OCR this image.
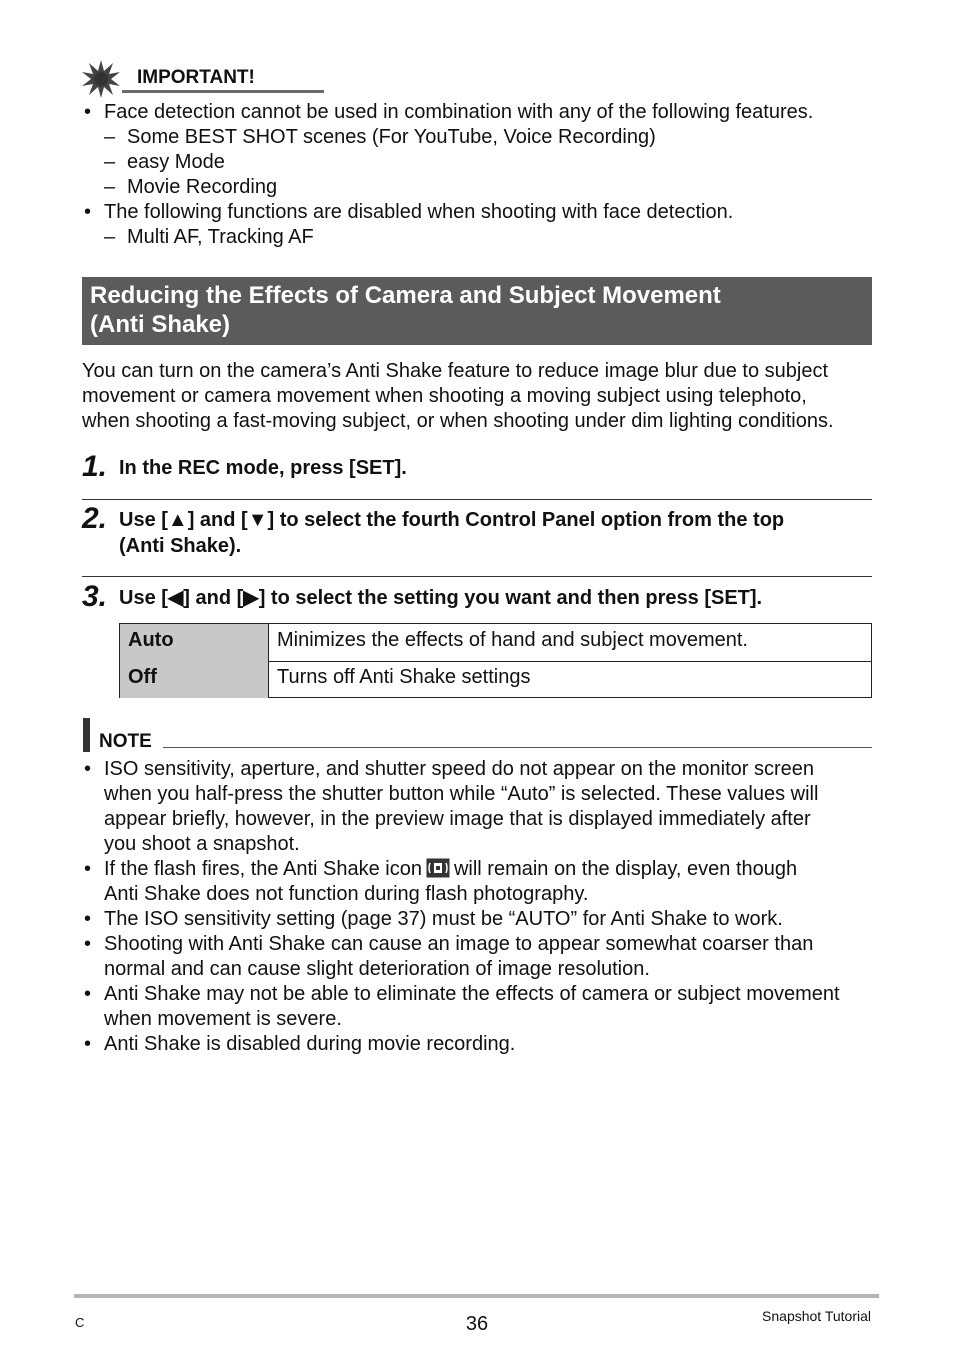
IMPORTANT!
• Face detection cannot be used in combination with any of the following features.
– Some BEST SHOT scenes (For YouTube, Voice Recording)
– easy Mode
– Movie Recording
• The following functions are disabled when shooting with face detection.
– Multi AF, Tracking AF
Reducing the Effects of Camera and Subject Movement
(Anti Shake)
You can turn on the camera’s Anti Shake feature to reduce image blur due to subject
movement or camera movement when shooting a moving subject using telephoto,
when shooting a fast-moving subject, or when shooting under dim lighting conditions.
1. In the REC mode, press [SET].
2. Use [▲] and [▼] to select the fourth Control Panel option from the top
(Anti Shake).
3. Use [◀] and [▶] to select the setting you want and then press [SET].
Auto	Minimizes the effects of hand and subject movement.
Off	Turns off Anti Shake settings
NOTE
• ISO sensitivity, aperture, and shutter speed do not appear on the monitor screen
when you half-press the shutter button while “Auto” is selected. These values will
appear briefly, however, in the preview image that is displayed immediately after
you shoot a snapshot.
• If the flash fires, the Anti Shake icon will remain on the display, even though
Anti Shake does not function during flash photography.
• The ISO sensitivity setting (page 37) must be “AUTO” for Anti Shake to work.
• Shooting with Anti Shake can cause an image to appear somewhat coarser than
normal and can cause slight deterioration of image resolution.
• Anti Shake may not be able to eliminate the effects of camera or subject movement
when movement is severe.
• Anti Shake is disabled during movie recording.
C	36	Snapshot Tutorial
